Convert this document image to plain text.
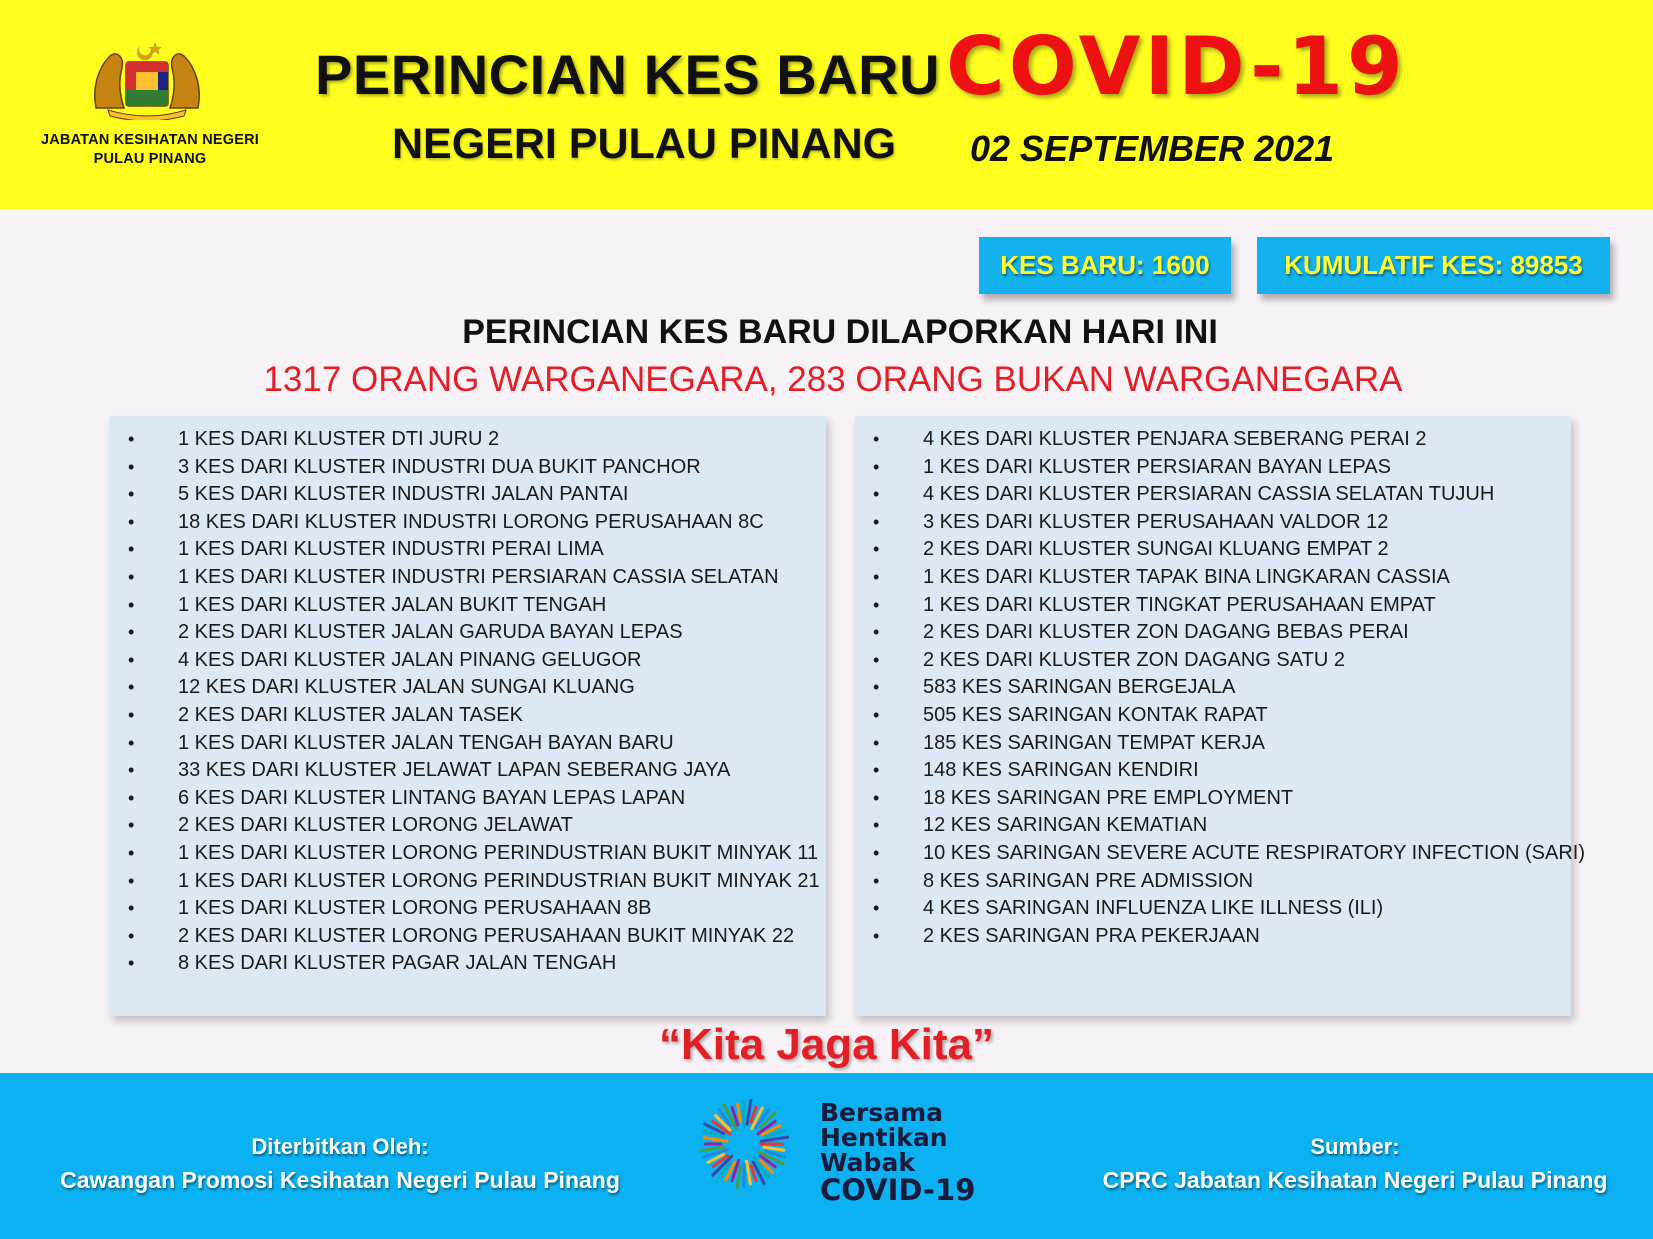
JABATAN KESIHATAN NEGERI
PULAU PINANG
PERINCIAN KES BARU COVID-19
NEGERI PULAU PINANG 02 SEPTEMBER 2021
KES BARU: 1600	KUMULATIF KES: 89853
PERINCIAN KES BARU DILAPORKAN HARI INI
1317 ORANG WARGANEGARA, 283 ORANG BUKAN WARGANEGARA
• 1 KES DARI KLUSTER DTI JURU 2
• 3 KES DARI KLUSTER INDUSTRI DUA BUKIT PANCHOR
• 5 KES DARI KLUSTER INDUSTRI JALAN PANTAI
• 18 KES DARI KLUSTER INDUSTRI LORONG PERUSAHAAN 8C
• 1 KES DARI KLUSTER INDUSTRI PERAI LIMA
• 1 KES DARI KLUSTER INDUSTRI PERSIARAN CASSIA SELATAN
• 1 KES DARI KLUSTER JALAN BUKIT TENGAH
• 2 KES DARI KLUSTER JALAN GARUDA BAYAN LEPAS
• 4 KES DARI KLUSTER JALAN PINANG GELUGOR
• 12 KES DARI KLUSTER JALAN SUNGAI KLUANG
• 2 KES DARI KLUSTER JALAN TASEK
• 1 KES DARI KLUSTER JALAN TENGAH BAYAN BARU
• 33 KES DARI KLUSTER JELAWAT LAPAN SEBERANG JAYA
• 6 KES DARI KLUSTER LINTANG BAYAN LEPAS LAPAN
• 2 KES DARI KLUSTER LORONG JELAWAT
• 1 KES DARI KLUSTER LORONG PERINDUSTRIAN BUKIT MINYAK 11
• 1 KES DARI KLUSTER LORONG PERINDUSTRIAN BUKIT MINYAK 21
• 1 KES DARI KLUSTER LORONG PERUSAHAAN 8B
• 2 KES DARI KLUSTER LORONG PERUSAHAAN BUKIT MINYAK 22
• 8 KES DARI KLUSTER PAGAR JALAN TENGAH
• 4 KES DARI KLUSTER PENJARA SEBERANG PERAI 2
• 1 KES DARI KLUSTER PERSIARAN BAYAN LEPAS
• 4 KES DARI KLUSTER PERSIARAN CASSIA SELATAN TUJUH
• 3 KES DARI KLUSTER PERUSAHAAN VALDOR 12
• 2 KES DARI KLUSTER SUNGAI KLUANG EMPAT 2
• 1 KES DARI KLUSTER TAPAK BINA LINGKARAN CASSIA
• 1 KES DARI KLUSTER TINGKAT PERUSAHAAN EMPAT
• 2 KES DARI KLUSTER ZON DAGANG BEBAS PERAI
• 2 KES DARI KLUSTER ZON DAGANG SATU 2
• 583 KES SARINGAN BERGEJALA
• 505 KES SARINGAN KONTAK RAPAT
• 185 KES SARINGAN TEMPAT KERJA
• 148 KES SARINGAN KENDIRI
• 18 KES SARINGAN PRE EMPLOYMENT
• 12 KES SARINGAN KEMATIAN
• 10 KES SARINGAN SEVERE ACUTE RESPIRATORY INFECTION (SARI)
• 8 KES SARINGAN PRE ADMISSION
• 4 KES SARINGAN INFLUENZA LIKE ILLNESS (ILI)
• 2 KES SARINGAN PRA PEKERJAAN
“Kita Jaga Kita”
Diterbitkan Oleh:
Cawangan Promosi Kesihatan Negeri Pulau Pinang
Bersama
Hentikan
Wabak
COVID-19
Sumber:
CPRC Jabatan Kesihatan Negeri Pulau Pinang
